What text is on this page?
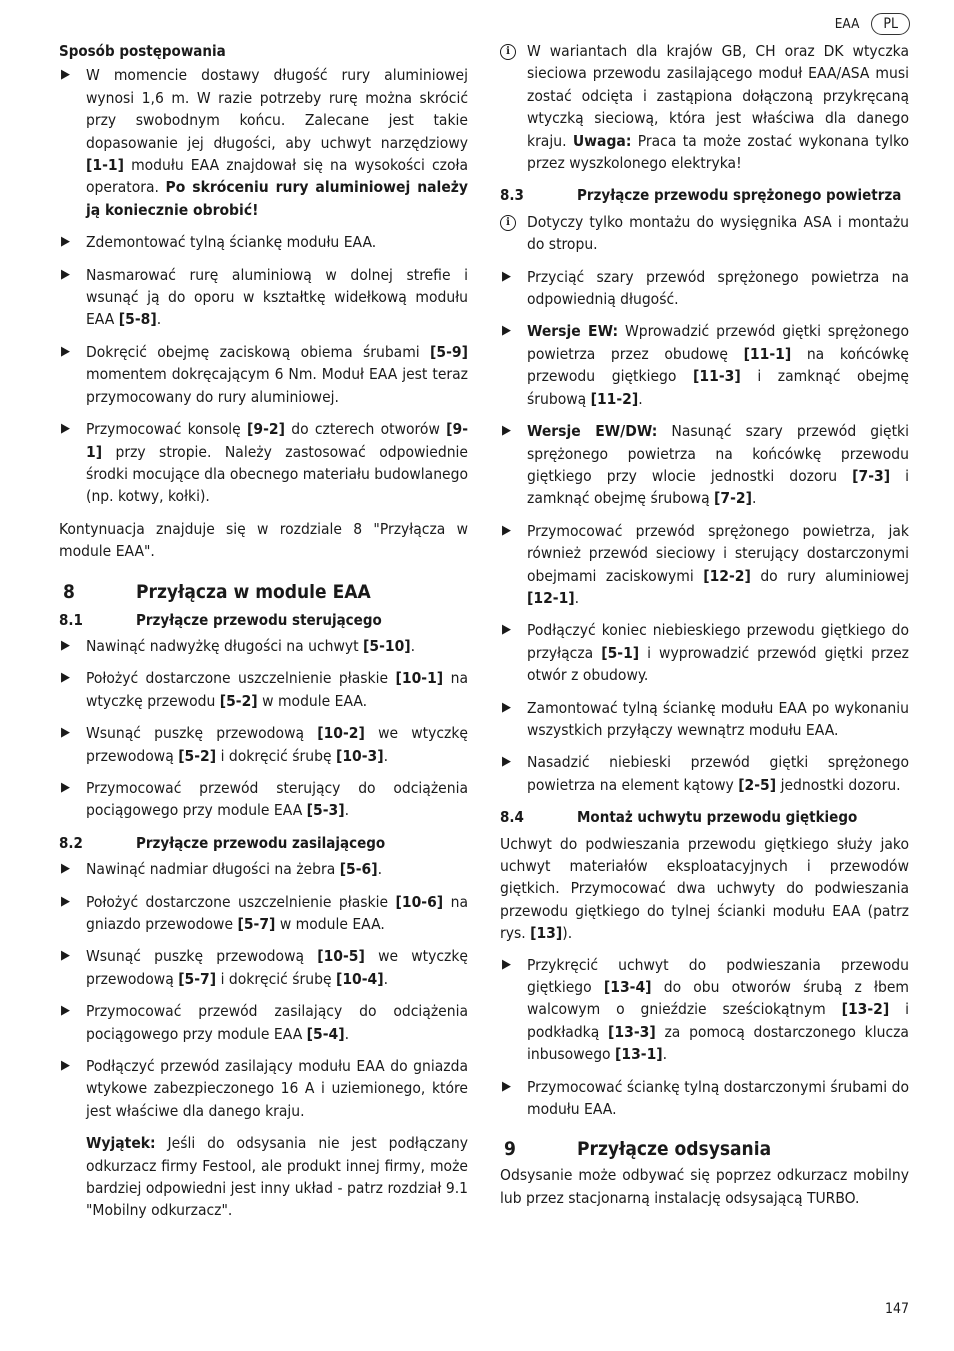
EAA	PL
Sposób postępowania
▶ W momencie dostawy długość rury aluminiowej wynosi 1,6 m. W razie potrzeby rurę można skrócić przy swobodnym końcu. Zalecane jest takie dopasowanie jej długości, aby uchwyt narzędziowy [1-1] modułu EAA znajdował się na wysokości czoła operatora. Po skróceniu rury aluminiowej należy ją koniecznie obrobić!
▶ Zdemontować tylną ściankę modułu EAA.
▶ Nasmarować rurę aluminiową w dolnej strefie i wsunąć ją do oporu w kształtkę widełkową modułu EAA [5-8].
▶ Dokręcić obejmę zaciskową obiema śrubami [5-9] momentem dokręcającym 6 Nm. Moduł EAA jest teraz przymocowany do rury aluminiowej.
▶ Przymocować konsolę [9-2] do czterech otworów [9-1] przy stropie. Należy zastosować odpowiednie środki mocujące dla obecnego materiału budowlanego (np. kotwy, kołki).

Kontynuacja znajduje się w rozdziale 8 "Przyłącza w module EAA".

8	Przyłącza w module EAA
8.1	Przyłącze przewodu sterującego
▶ Nawinąć nadwyżkę długości na uchwyt [5-10].
▶ Położyć dostarczone uszczelnienie płaskie [10-1] na wtyczkę przewodu [5-2] w module EAA.
▶ Wsunąć puszkę przewodową [10-2] we wtyczkę przewodową [5-2] i dokręcić śrubę [10-3].
▶ Przymocować przewód sterujący do odciążenia pociągowego przy module EAA [5-3].
8.2	Przyłącze przewodu zasilającego
▶ Nawinąć nadmiar długości na żebra [5-6].
▶ Położyć dostarczone uszczelnienie płaskie [10-6] na gniazdo przewodowe [5-7] w module EAA.
▶ Wsunąć puszkę przewodową [10-5] we wtyczkę przewodową [5-7] i dokręcić śrubę [10-4].
▶ Przymocować przewód zasilający do odciążenia pociągowego przy module EAA [5-4].
▶ Podłączyć przewód zasilający modułu EAA do gniazda wtykowe zabezpieczonego 16 A i uziemionego, które jest właściwe dla danego kraju.

Wyjątek: Jeśli do odsysania nie jest podłączany odkurzacz firmy Festool, ale produkt innej firmy, może bardziej odpowiedni jest inny układ - patrz rozdział 9.1 "Mobilny odkurzacz".

i	W wariantach dla krajów GB, CH oraz DK wtyczka sieciowa przewodu zasilającego moduł EAA/ASA musi zostać odcięta i zastąpiona dołączoną przykręcaną wtyczką sieciową, która jest właściwa dla danego kraju. Uwaga: Praca ta może zostać wykonana tylko przez wyszkolonego elektryka!
8.3	Przyłącze przewodu sprężonego powietrza
i	Dotyczy tylko montażu do wysięgnika ASA i montażu do stropu.
▶ Przyciąć szary przewód sprężonego powietrza na odpowiednią długość.
▶ Wersje EW: Wprowadzić przewód giętki sprężonego powietrza przez obudowę [11-1] na końcówkę przewodu giętkiego [11-3] i zamknąć obejmę śrubową [11-2].
▶ Wersje EW/DW: Nasunąć szary przewód giętki sprężonego powietrza na końcówkę przewodu giętkiego przy wlocie jednostki dozoru [7-3] i zamknąć obejmę śrubową [7-2].
▶ Przymocować przewód sprężonego powietrza, jak również przewód sieciowy i sterujący dostarczonymi obejmami zaciskowymi [12-2] do rury aluminiowej [12-1].
▶ Podłączyć koniec niebieskiego przewodu giętkiego do przyłącza [5-1] i wyprowadzić przewód giętki przez otwór z obudowy.
▶ Zamontować tylną ściankę modułu EAA po wykonaniu wszystkich przyłączy wewnątrz modułu EAA.
▶ Nasadzić niebieski przewód giętki sprężonego powietrza na element kątowy [2-5] jednostki dozoru.
8.4	Montaż uchwytu przewodu giętkiego

Uchwyt do podwieszania przewodu giętkiego służy jako uchwyt materiałów eksploatacyjnych i przewodów giętkich. Przymocować dwa uchwyty do podwieszania przewodu giętkiego do tylnej ścianki modułu EAA (patrz rys. [13]).

▶ Przykręcić uchwyt do podwieszania przewodu giętkiego [13-4] do obu otworów śrubą z łbem walcowym o gnieździe sześciokątnym [13-2] i podkładką [13-3] za pomocą dostarczonego klucza inbusowego [13-1].
▶ Przymocować ściankę tylną dostarczonymi śrubami do modułu EAA.
9	Przyłącze odsysania

Odsysanie może odbywać się poprzez odkurzacz mobilny lub przez stacjonarną instalację odsysającą TURBO.

147
